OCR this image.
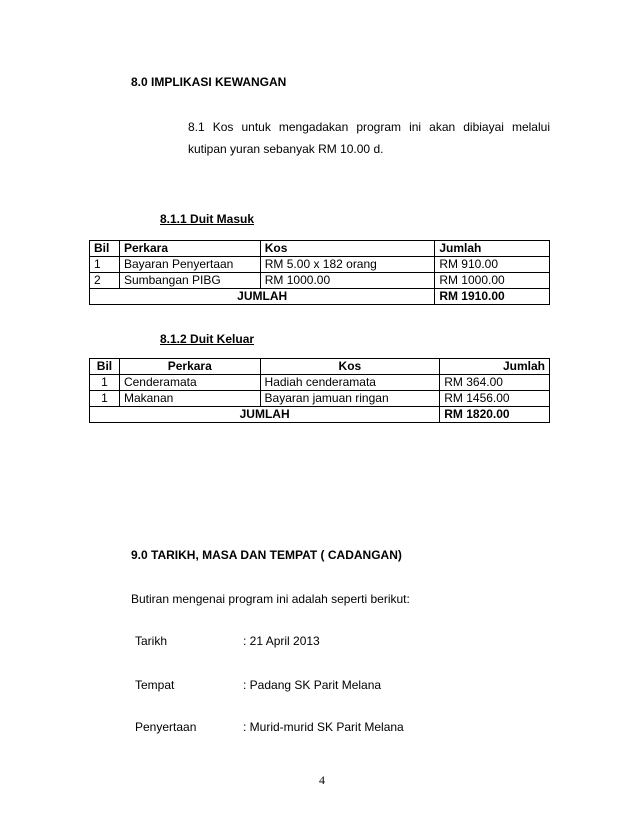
8.0 IMPLIKASI KEWANGAN
8.1 Kos untuk mengadakan program ini akan dibiayai melalui
kutipan yuran sebanyak RM 10.00 d.
8.1.1 Duit Masuk
Bil	Perkara	Kos	Jumlah
1	Bayaran Penyertaan	RM 5.00 x 182 orang	RM 910.00
2	Sumbangan PIBG	RM 1000.00	RM 1000.00
JUMLAH			RM 1910.00
8.1.2 Duit Keluar
Bil	Perkara	Kos	Jumlah
1	Cenderamata	Hadiah cenderamata	RM 364.00
1	Makanan	Bayaran jamuan ringan	RM 1456.00
JUMLAH			RM 1820.00
9.0 TARIKH, MASA DAN TEMPAT ( CADANGAN)
Butiran mengenai program ini adalah seperti berikut:
Tarikh	: 21 April 2013
Tempat	: Padang SK Parit Melana
Penyertaan	: Murid-murid SK Parit Melana
4
